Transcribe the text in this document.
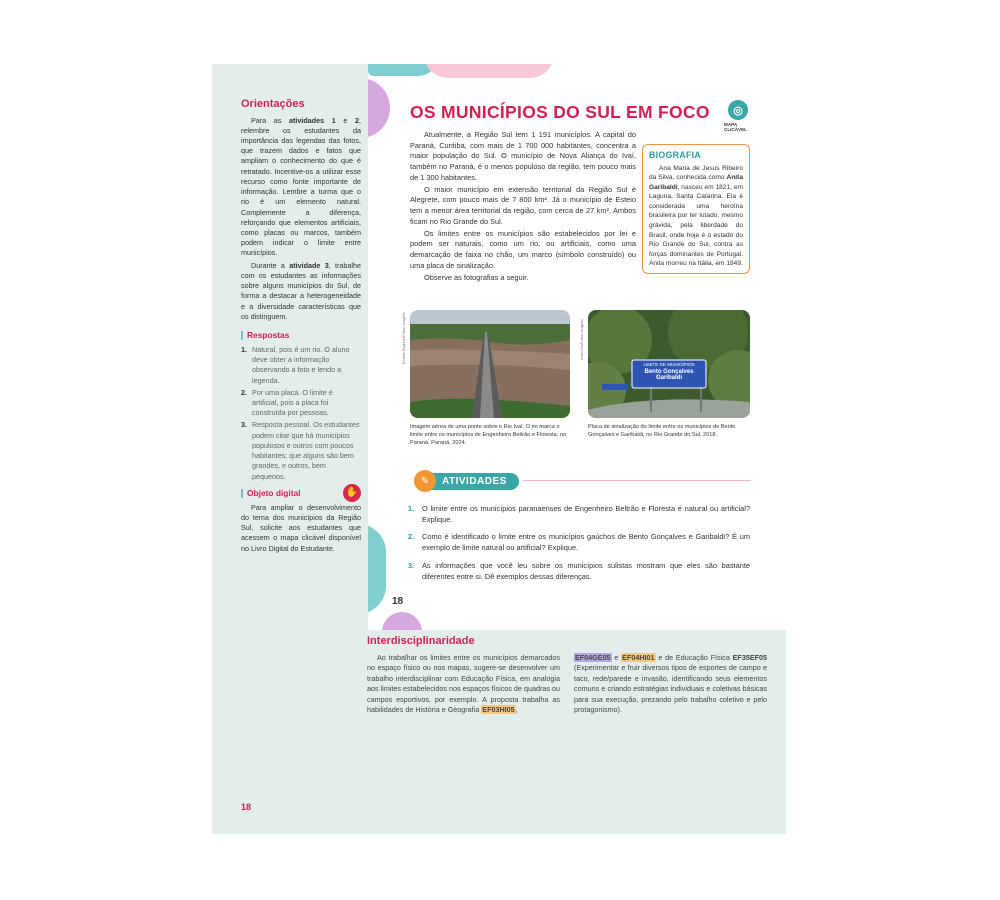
Orientações

Para as atividades 1 e 2, relembre os estudantes da importância das legendas das fotos, que trazem dados e fatos que ampliam o conhecimento do que é retratado. Incentive-os a utilizar esse recurso como fonte importante de informação. Lembre a turma que o rio é um elemento natural. Complemente a diferença, reforçando que elementos artificiais, como placas ou marcos, também podem indicar o limite entre municípios.

Durante a atividade 3, trabalhe com os estudantes as informações sobre alguns municípios do Sul, de forma a destacar a heterogeneidade e a diversidade características que os distinguem.

Respostas
1. Natural, pois é um rio. O aluno deve obter a informação observando a foto e lendo a legenda.
2. Por uma placa. O limite é artificial, pois a placa foi construída por pessoas.
3. Resposta pessoal. Os estudantes podem citar que há municípios populosos e outros com poucos habitantes; que alguns são bem grandes, e outros, bem pequenos.
Objeto digital	✋

Para ampliar o desenvolvimento do tema dos municípios da Região Sul, solicite aos estudantes que acessem o mapa clicável disponível no Livro Digital do Estudante.

Interdisciplinaridade

Ao trabalhar os limites entre os municípios demarcados no espaço físico ou nos mapas, sugere-se desenvolver um trabalho interdisciplinar com Educação Física, em analogia aos limites estabelecidos nos espaços físicos de quadras ou campos esportivos, por exemplo. A proposta trabalha as habilidades de História e Geografia EF03HI05,

EF04GE05 e EF04HI01 e de Educação Física EF35EF05 (Experimentar e fruir diversos tipos de esportes de campo e taco, rede/parede e invasão, identificando seus elementos comuns e criando estratégias individuais e coletivas básicas para sua execução, prezando pelo trabalho coletivo e pelo protagonismo).

18
OS MUNICÍPIOS DO SUL EM FOCO	◎
MAPA CLICÁVEL

Atualmente, a Região Sul tem 1 191 municípios. A capital do Paraná, Curitiba, com mais de 1 700 000 habitantes, concentra a maior população do Sul. O município de Nova Aliança do Ivaí, também no Paraná, é o menos populoso da região, tem pouco mais de 1 300 habitantes.

O maior município em extensão territorial da Região Sul é Alegrete, com pouco mais de 7 800 km². Já o município de Esteio tem a menor área territorial da região, com cerca de 27 km². Ambos ficam no Rio Grande do Sul.

Os limites entre os municípios são estabelecidos por lei e podem ser naturais, como um rio, ou artificiais, como uma demarcação de faixa no chão, um marco (símbolo construído) ou uma placa de sinalização.

Observe as fotografias a seguir.

BIOGRAFIA

Ana Maria de Jesus Ribeiro da Silva, conhecida como Anita Garibaldi, nasceu em 1821, em Laguna, Santa Catarina. Ela é considerada uma heroína brasileira por ter lutado, mesmo grávida, pela liberdade do Brasil, onde hoje é o estado do Rio Grande do Sul, contra as forças dominantes de Portugal. Anita morreu na Itália, em 1849.

Ernesto Reghran/Pulsar Imagens
Imagem aérea de uma ponte sobre o Rio Ivaí. O rio marca o limite entre os municípios de Engenheiro Beltrão e Floresta, no Paraná. Paraná, 2024.
LIMITE DE MUNICÍPIOS
Bento Gonçalves
Garibaldi
Andre Dib/Pulsar Imagens
Placa de sinalização do limite entre os municípios de Bento Gonçalves e Garibaldi, no Rio Grande do Sul, 2018.
✎	ATIVIDADES
1. O limite entre os municípios paranaenses de Engenheiro Beltrão e Floresta é natural ou artificial? Explique.
2. Como é identificado o limite entre os municípios gaúchos de Bento Gonçalves e Garibaldi? É um exemplo de limite natural ou artificial? Explique.
3. As informações que você leu sobre os municípios sulistas mostram que eles são bastante diferentes entre si. Dê exemplos dessas diferenças.
18
